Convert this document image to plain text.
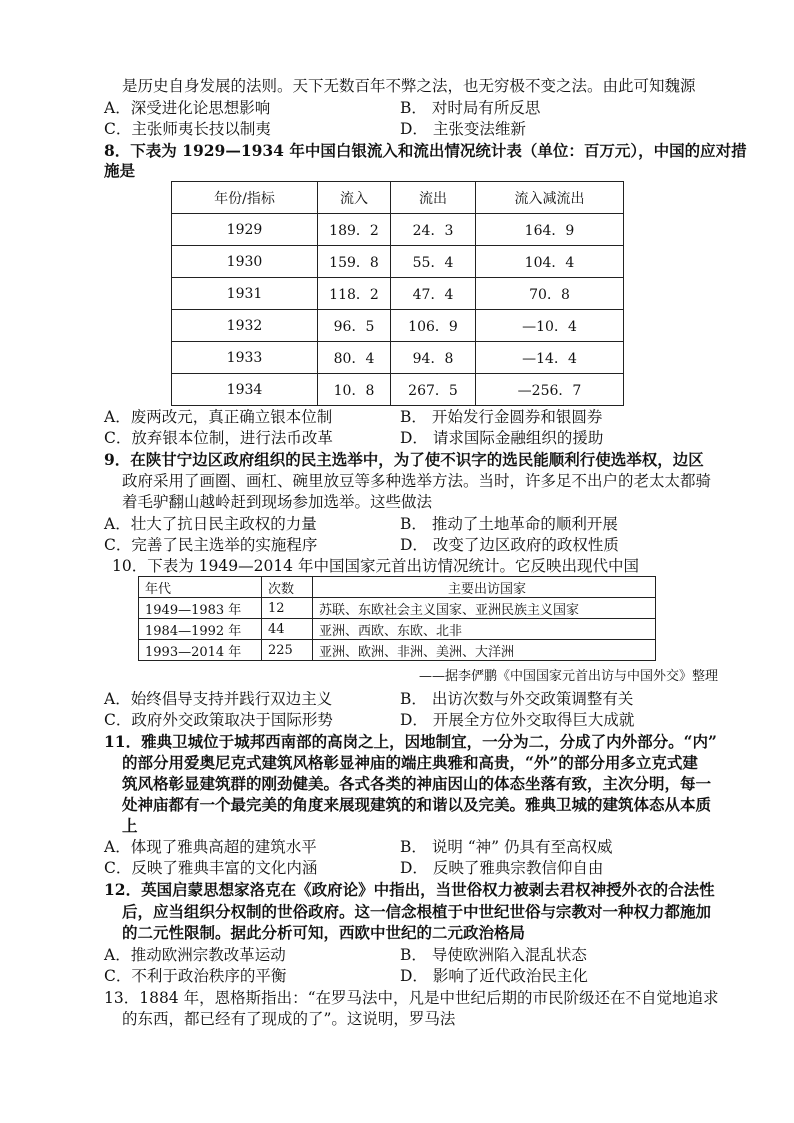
是历史自身发展的法则。天下无数百年不弊之法，也无穷极不变之法。由此可知魏源
A．深受进化论思想影响	B． 对时局有所反思
C．主张师夷长技以制夷	D． 主张变法维新
8．下表为 1929—1934 年中国白银流入和流出情况统计表（单位：百万元），中国的应对措
施是
年份/指标	流入	流出	流入减流出
1929	189．2	24．3	164．9
1930	159．8	55．4	104．4
1931	118．2	47．4	70．8
1932	96．5	106．9	—10．4
1933	80．4	94．8	—14．4
1934	10．8	267．5	—256．7
A．废两改元，真正确立银本位制	B． 开始发行金圆券和银圆券
C．放弃银本位制，进行法币改革	D． 请求国际金融组织的援助
9．在陕甘宁边区政府组织的民主选举中，为了使不识字的选民能顺利行使选举权，边区
政府采用了画圈、画杠、碗里放豆等多种选举方法。当时，许多足不出户的老太太都骑
着毛驴翻山越岭赶到现场参加选举。这些做法
A．壮大了抗日民主政权的力量	B． 推动了土地革命的顺利开展
C．完善了民主选举的实施程序	D． 改变了边区政府的政权性质
10．下表为 1949—2014 年中国国家元首出访情况统计。它反映出现代中国
年代	次数	主要出访国家
1949—1983 年	12	苏联、东欧社会主义国家、亚洲民族主义国家
1984—1992 年	44	亚洲、西欧、东欧、北非
1993—2014 年	225	亚洲、欧洲、非洲、美洲、大洋洲
——据李俨鹏《中国国家元首出访与中国外交》整理
A．始终倡导支持并践行双边主义	B． 出访次数与外交政策调整有关
C．政府外交政策取决于国际形势	D． 开展全方位外交取得巨大成就
11．雅典卫城位于城邦西南部的高岗之上，因地制宜，一分为二，分成了内外部分。“内”
的部分用爱奥尼克式建筑风格彰显神庙的端庄典雅和高贵，“外”的部分用多立克式建
筑风格彰显建筑群的刚劲健美。各式各类的神庙因山的体态坐落有致，主次分明，每一
处神庙都有一个最完美的角度来展现建筑的和谐以及完美。雅典卫城的建筑体态从本质
上
A．体现了雅典高超的建筑水平	B． 说明 “神” 仍具有至高权威
C．反映了雅典丰富的文化内涵	D． 反映了雅典宗教信仰自由
12．英国启蒙思想家洛克在《政府论》中指出，当世俗权力被剥去君权神授外衣的合法性
后，应当组织分权制的世俗政府。这一信念根植于中世纪世俗与宗教对一种权力都施加
的二元性限制。据此分析可知，西欧中世纪的二元政治格局
A．推动欧洲宗教改革运动	B． 导使欧洲陷入混乱状态
C．不利于政治秩序的平衡	D． 影响了近代政治民主化
13．1884 年，恩格斯指出：“在罗马法中，凡是中世纪后期的市民阶级还在不自觉地追求
的东西，都已经有了现成的了”。这说明，罗马法
